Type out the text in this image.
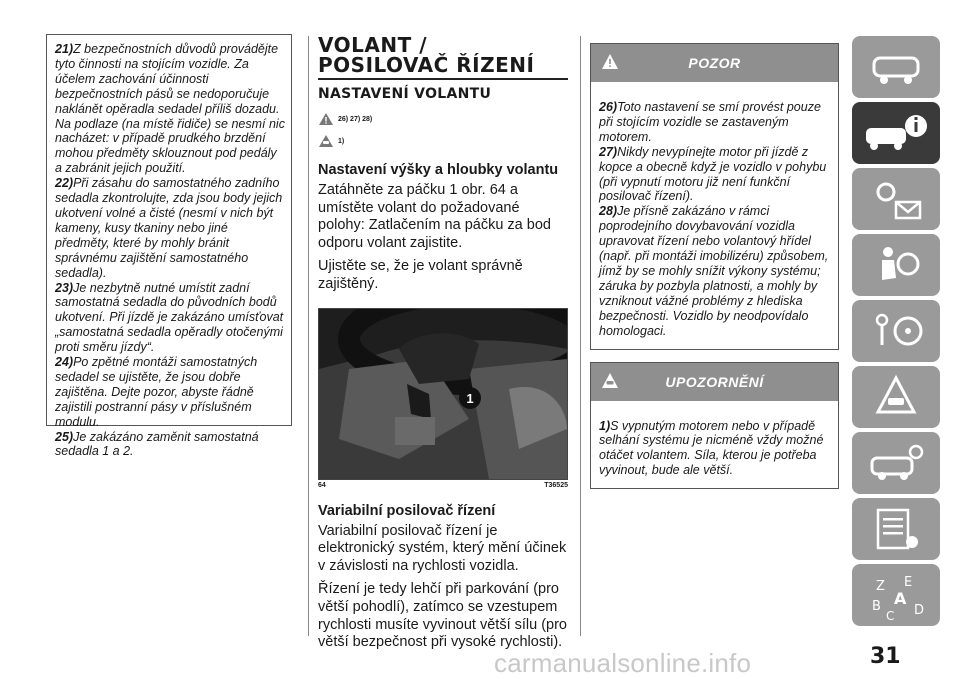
21)Z bezpečnostních důvodů provádějte tyto činnosti na stojícím vozidle. Za účelem zachování účinnosti bezpečnostních pásů se nedoporučuje naklánět opěradla sedadel příliš dozadu. Na podlaze (na místě řidiče) se nesmí nic nacházet: v případě prudkého brzdění mohou předměty sklouznout pod pedály a zabránit jejich použití.
22)Při zásahu do samostatného zadního sedadla zkontrolujte, zda jsou body jejich ukotvení volné a čisté (nesmí v nich být kameny, kusy tkaniny nebo jiné předměty, které by mohly bránit správnému zajištění samostatného sedadla).
23)Je nezbytně nutné umístit zadní samostatná sedadla do původních bodů ukotvení. Při jízdě je zakázáno umísťovat „samostatná sedadla opěradly otočenými proti směru jízdy“.
24)Po zpětné montáži samostatných sedadel se ujistěte, že jsou dobře zajištěna. Dejte pozor, abyste řádně zajistili postranní pásy v příslušném modulu.
25)Je zakázáno zaměnit samostatná sedadla 1 a 2.
VOLANT /
POSILOVAČ ŘÍZENÍ
NASTAVENÍ VOLANTU
26) 27) 28)
1)
Nastavení výšky a hloubky volantu

Zatáhněte za páčku 1 obr. 64 a umístěte volant do požadované polohy: Zatlačením na páčku za bod odporu volant zajistite.

Ujistěte se, že je volant správně zajištěný.

1
64	T36525
Variabilní posilovač řízení

Variabilní posilovač řízení je elektronický systém, který mění účinek v závislosti na rychlosti vozidla.

Řízení je tedy lehčí při parkování (pro větší pohodlí), zatímco se vzestupem rychlosti musíte vyvinout větší sílu (pro větší bezpečnost při vysoké rychlosti).

POZOR
26)Toto nastavení se smí provést pouze při stojícím vozidle se zastaveným motorem.
27)Nikdy nevypínejte motor při jízdě z kopce a obecně když je vozidlo v pohybu (při vypnutí motoru již není funkční posilovač řízení).
28)Je přísně zakázáno v rámci poprodejního dovybavování vozidla upravovat řízení nebo volantový hřídel (např. při montáži imobilizéru) způsobem, jímž by se mohly snížit výkony systému; záruka by pozbyla platnosti, a mohly by vzniknout vážné problémy z hlediska bezpečnosti. Vozidlo by neodpovídalo homologaci.
UPOZORNĚNÍ
1)S vypnutým motorem nebo v případě selhání systému je nicméně vždy možné otáčet volantem. Síla, kterou je potřeba vyvinout, bude ale větší.
Z E
B A
D
C
carmanualsonline.info	31
